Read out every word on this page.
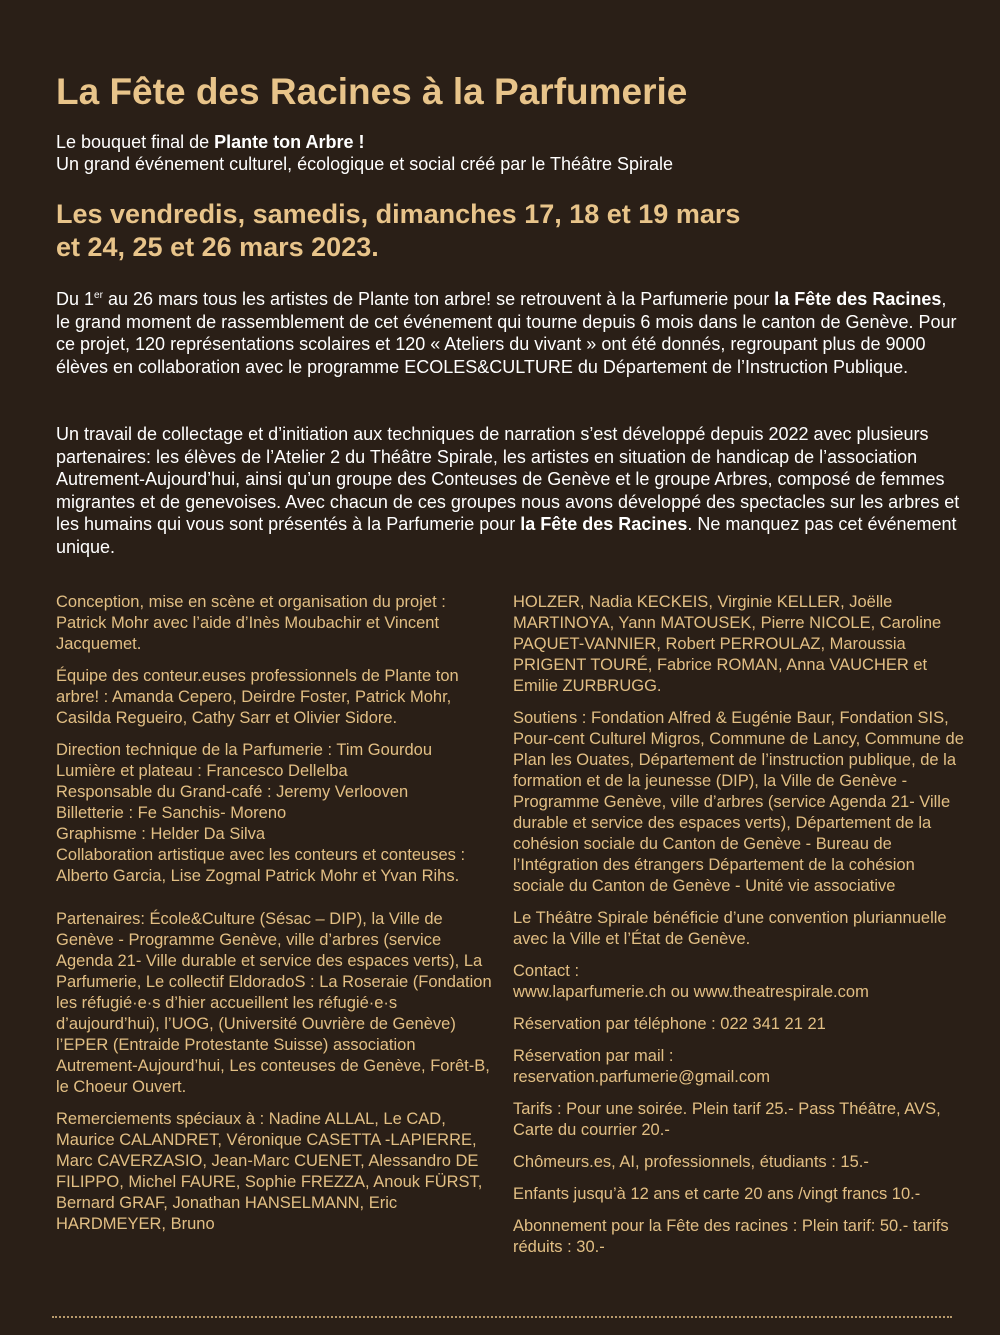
La Fête des Racines à la Parfumerie
Le bouquet final de Plante ton Arbre !
Un grand événement culturel, écologique et social créé par le Théâtre Spirale
Les vendredis, samedis, dimanches 17, 18 et 19 mars
et 24, 25 et 26 mars 2023.

Du 1er au 26 mars tous les artistes de Plante ton arbre! se retrouvent à la Parfumerie pour la Fête des Racines, le grand moment de rassemblement de cet événement qui tourne depuis 6 mois dans le canton de Genève. Pour ce projet, 120 représentations scolaires et 120 « Ateliers du vivant » ont été donnés, regroupant plus de 9000 élèves en collaboration avec le programme ECOLES&CULTURE du Département de l’Instruction Publique.

Un travail de collectage et d’initiation aux techniques de narration s’est développé depuis 2022 avec plusieurs partenaires: les élèves de l’Atelier 2 du Théâtre Spirale, les artistes en situation de handicap de l’association Autrement-Aujourd’hui, ainsi qu’un groupe des Conteuses de Genève et le groupe Arbres, composé de femmes migrantes et de genevoises. Avec chacun de ces groupes nous avons développé des spectacles sur les arbres et les humains qui vous sont présentés à la Parfumerie pour la Fête des Racines. Ne manquez pas cet événement unique.

Conception, mise en scène et organisation du projet : Patrick Mohr avec l’aide d’Inès Moubachir et Vincent Jacquemet.

Équipe des conteur.euses professionnels de Plante ton arbre! : Amanda Cepero, Deirdre Foster, Patrick Mohr, Casilda Regueiro, Cathy Sarr et Olivier Sidore.

Direction technique de la Parfumerie : Tim Gourdou
Lumière et plateau : Francesco Dellelba
Responsable du Grand-café : Jeremy Verlooven
Billetterie : Fe Sanchis- Moreno
Graphisme : Helder Da Silva
Collaboration artistique avec les conteurs et conteuses : Alberto Garcia, Lise Zogmal Patrick Mohr et Yvan Rihs.

Partenaires: École&Culture (Sésac – DIP), la Ville de Genève - Programme Genève, ville d’arbres (service Agenda 21- Ville durable et service des espaces verts), La Parfumerie, Le collectif EldoradoS : La Roseraie (Fondation les réfugié·e·s d’hier accueillent les réfugié·e·s d’aujourd’hui), l’UOG, (Université Ouvrière de Genève) l’EPER (Entraide Protestante Suisse) association Autrement-Aujourd’hui, Les conteuses de Genève, Forêt-B, le Choeur Ouvert.

Remerciements spéciaux à : Nadine ALLAL, Le CAD, Maurice CALANDRET, Véronique CASETTA -LAPIERRE, Marc CAVERZASIO, Jean-Marc CUENET, Alessandro DE FILIPPO, Michel FAURE, Sophie FREZZA, Anouk FÜRST, Bernard GRAF, Jonathan HANSELMANN, Eric HARDMEYER, Bruno

HOLZER, Nadia KECKEIS, Virginie KELLER, Joëlle MARTINOYA, Yann MATOUSEK, Pierre NICOLE, Caroline PAQUET-VANNIER, Robert PERROULAZ, Maroussia PRIGENT TOURÉ, Fabrice ROMAN, Anna VAUCHER et Emilie ZURBRUGG.

Soutiens : Fondation Alfred & Eugénie Baur, Fondation SIS, Pour-cent Culturel Migros, Commune de Lancy, Commune de Plan les Ouates, Département de l’instruction publique, de la formation et de la jeunesse (DIP), la Ville de Genève - Programme Genève, ville d’arbres (service Agenda 21- Ville durable et service des espaces verts), Département de la cohésion sociale du Canton de Genève - Bureau de l’Intégration des étrangers Département de la cohésion sociale du Canton de Genève - Unité vie associative

Le Théâtre Spirale bénéficie d’une convention pluriannuelle avec la Ville et l’État de Genève.

Contact :
www.laparfumerie.ch ou www.theatrespirale.com

Réservation par téléphone : 022 341 21 21

Réservation par mail :
reservation.parfumerie@gmail.com

Tarifs : Pour une soirée. Plein tarif 25.- Pass Théâtre, AVS, Carte du courrier 20.-

Chômeurs.es, AI, professionnels, étudiants : 15.-

Enfants jusqu’à 12 ans et carte 20 ans /vingt francs 10.-

Abonnement pour la Fête des racines : Plein tarif: 50.- tarifs réduits : 30.-
